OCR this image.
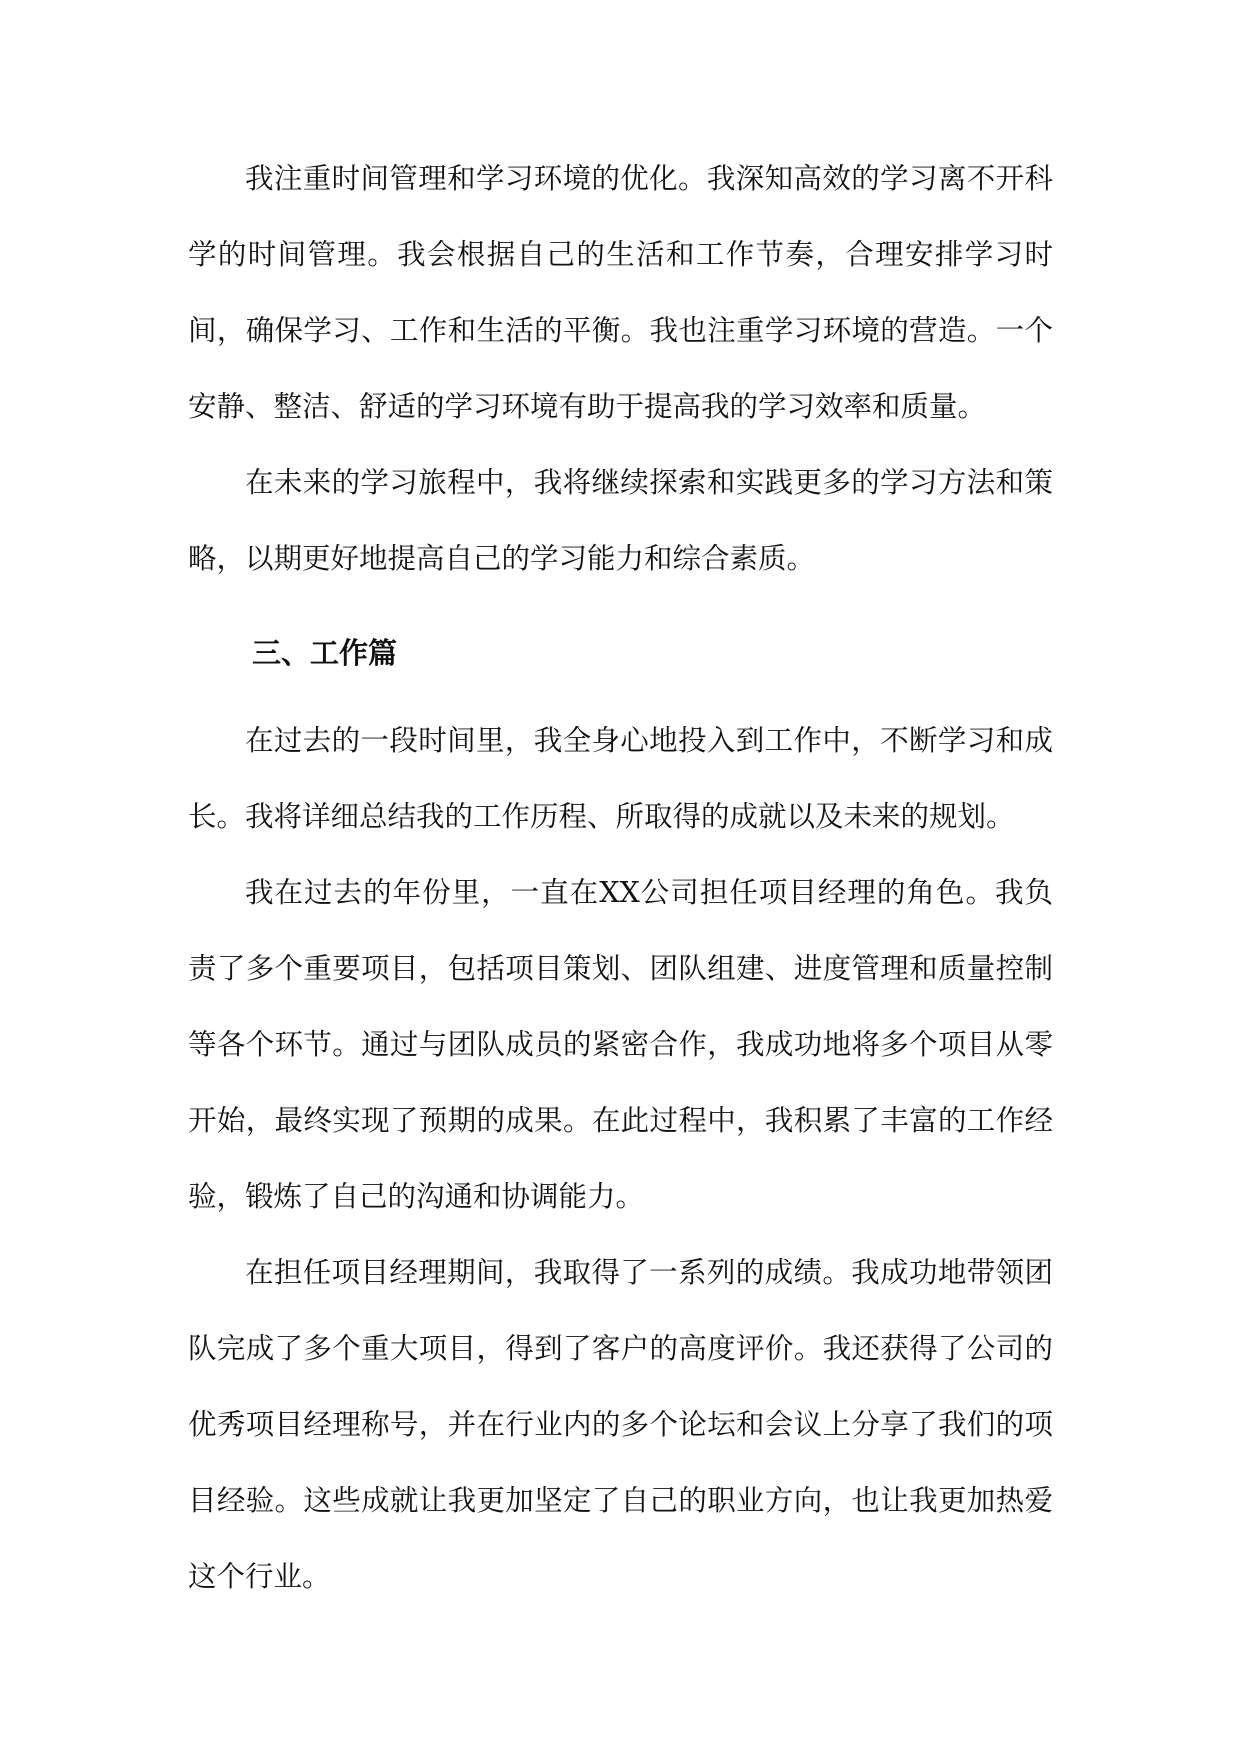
我注重时间管理和学习环境的优化。我深知高效的学习离不开科学的时间管理。我会根据自己的生活和工作节奏，合理安排学习时间，确保学习、工作和生活的平衡。我也注重学习环境的营造。一个安静、整洁、舒适的学习环境有助于提高我的学习效率和质量。

在未来的学习旅程中，我将继续探索和实践更多的学习方法和策略，以期更好地提高自己的学习能力和综合素质。

三、工作篇

在过去的一段时间里，我全身心地投入到工作中，不断学习和成长。我将详细总结我的工作历程、所取得的成就以及未来的规划。

我在过去的年份里，一直在XX公司担任项目经理的角色。我负责了多个重要项目，包括项目策划、团队组建、进度管理和质量控制等各个环节。通过与团队成员的紧密合作，我成功地将多个项目从零开始，最终实现了预期的成果。在此过程中，我积累了丰富的工作经验，锻炼了自己的沟通和协调能力。

在担任项目经理期间，我取得了一系列的成绩。我成功地带领团队完成了多个重大项目，得到了客户的高度评价。我还获得了公司的优秀项目经理称号，并在行业内的多个论坛和会议上分享了我们的项目经验。这些成就让我更加坚定了自己的职业方向，也让我更加热爱这个行业。
